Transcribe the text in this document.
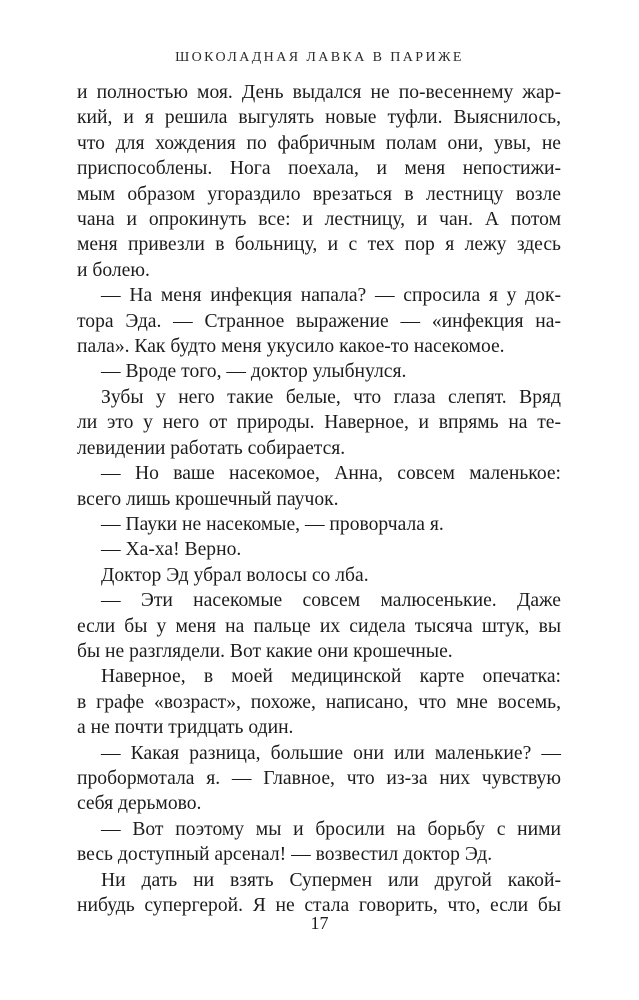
ШОКОЛАДНАЯ ЛАВКА В ПАРИЖЕ
и полностью моя. День выдался не по-весеннему жар-
кий, и я решила выгулять новые туфли. Выяснилось,
что для хождения по фабричным полам они, увы, не
приспособлены. Нога поехала, и меня непостижи-
мым образом угораздило врезаться в лестницу возле
чана и опрокинуть все: и лестницу, и чан. А потом
меня привезли в больницу, и с тех пор я лежу здесь
и болею.
— На меня инфекция напала? — спросила я у док-
тора Эда. — Странное выражение — «инфекция на-
пала». Как будто меня укусило какое-то насекомое.
— Вроде того, — доктор улыбнулся.
Зубы у него такие белые, что глаза слепят. Вряд
ли это у него от природы. Наверное, и впрямь на те-
левидении работать собирается.
— Но ваше насекомое, Анна, совсем маленькое:
всего лишь крошечный паучок.
— Пауки не насекомые, — проворчала я.
— Ха-ха! Верно.
Доктор Эд убрал волосы со лба.
— Эти насекомые совсем малюсенькие. Даже
если бы у меня на пальце их сидела тысяча штук, вы
бы не разглядели. Вот какие они крошечные.
Наверное, в моей медицинской карте опечатка:
в графе «возраст», похоже, написано, что мне восемь,
а не почти тридцать один.
— Какая разница, большие они или маленькие? —
пробормотала я. — Главное, что из-за них чувствую
себя дерьмово.
— Вот поэтому мы и бросили на борьбу с ними
весь доступный арсенал! — возвестил доктор Эд.
Ни дать ни взять Супермен или другой какой-
нибудь супергерой. Я не стала говорить, что, если бы
17
